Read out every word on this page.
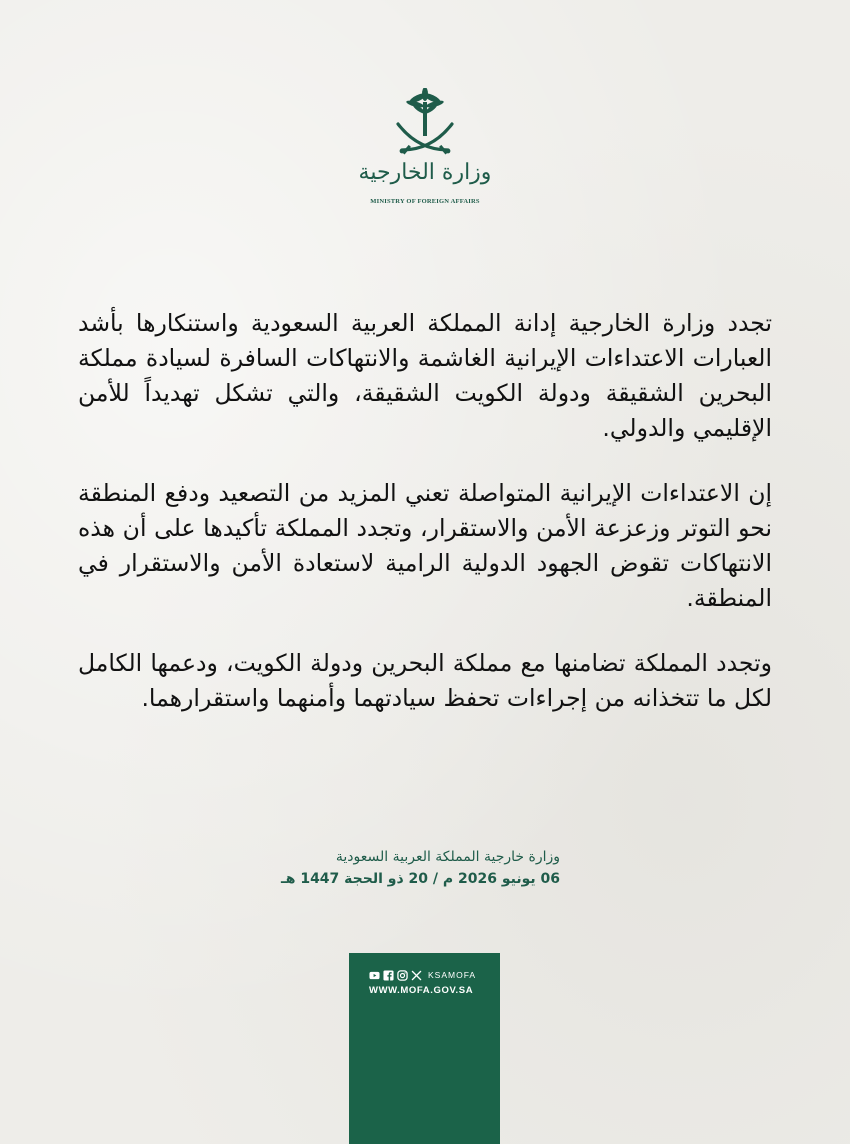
وزارة الخارجية
MINISTRY OF FOREIGN AFFAIRS

تجدد وزارة الخارجية إدانة المملكة العربية السعودية واستنكارها بأشد العبارات الاعتداءات الإيرانية الغاشمة والانتهاكات السافرة لسيادة مملكة البحرين الشقيقة ودولة الكويت الشقيقة، والتي تشكل تهديداً للأمن الإقليمي والدولي.

إن الاعتداءات الإيرانية المتواصلة تعني المزيد من التصعيد ودفع المنطقة نحو التوتر وزعزعة الأمن والاستقرار، وتجدد المملكة تأكيدها على أن هذه الانتهاكات تقوض الجهود الدولية الرامية لاستعادة الأمن والاستقرار في المنطقة.

وتجدد المملكة تضامنها مع مملكة البحرين ودولة الكويت، ودعمها الكامل لكل ما تتخذانه من إجراءات تحفظ سيادتهما وأمنهما واستقرارهما.

وزارة خارجية المملكة العربية السعودية
06 يونيو 2026 م / 20 ذو الحجة 1447 هـ
KSAMOFA
WWW.MOFA.GOV.SA
